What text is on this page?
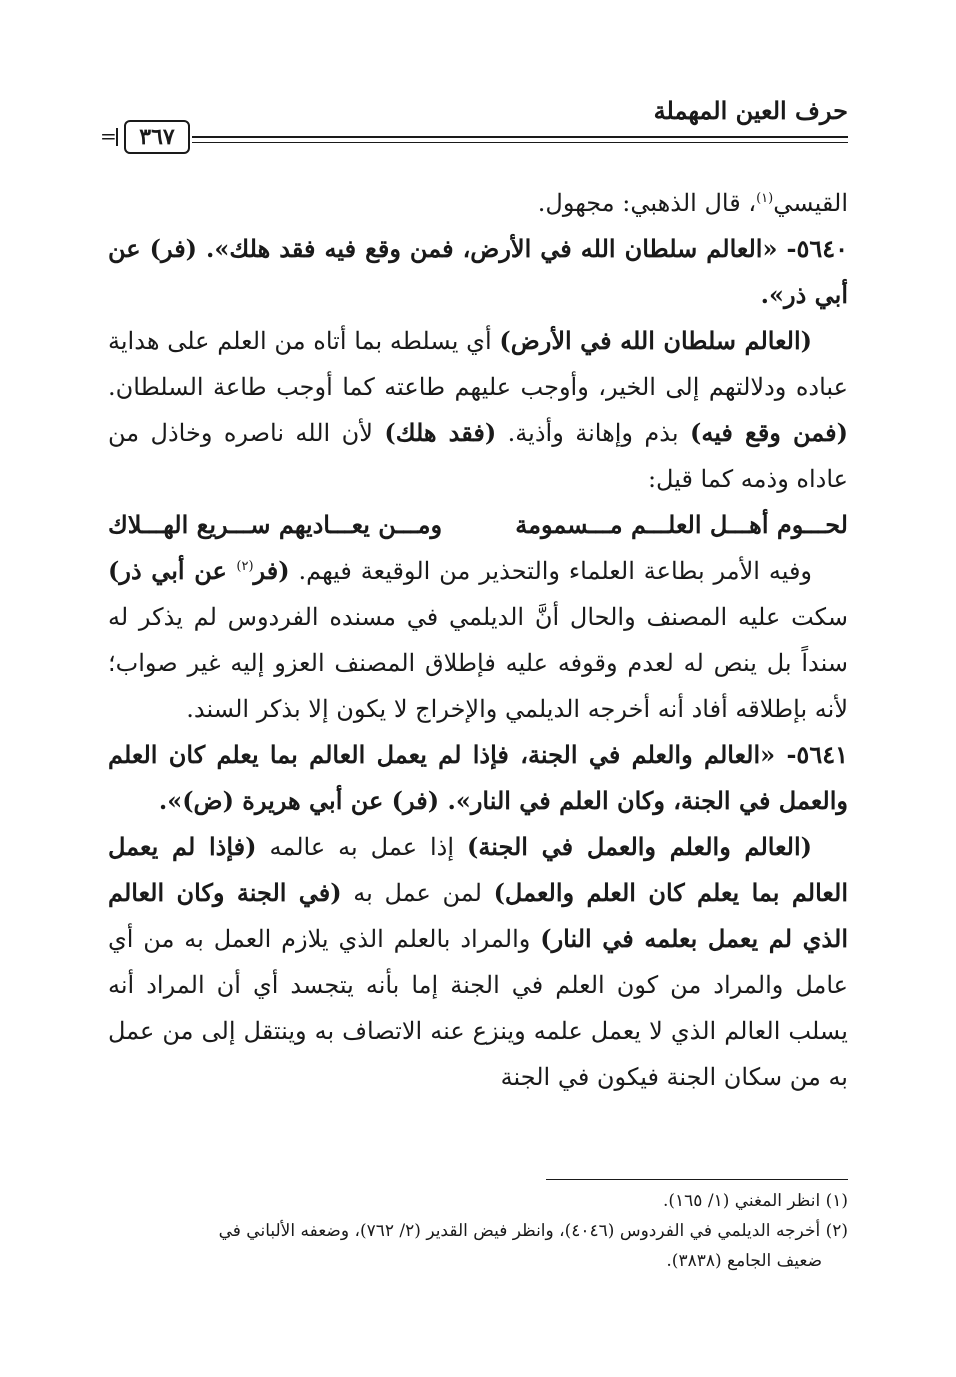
حرف العين المهملة
٣٦٧
=

القيسي$^{(١)}$، قال الذهبي: مجهول.

٥٦٤٠- «العالم سلطان الله في الأرض، فمن وقع فيه فقد هلك». (فر) عن أبي ذر».

(العالم سلطان الله في الأرض) أي يسلطه بما أتاه من العلم على هداية عباده ودلالتهم إلى الخير، وأوجب عليهم طاعته كما أوجب طاعة السلطان. (فمن وقع فيه) بذم وإهانة وأذية. (فقد هلك) لأن الله ناصره وخاذل من عاداه وذمه كما قيل:

لحـــوم أهـــل العلـــم مـــسمومة
ومـــن يعـــاديهم ســـريع الهـــلاك

وفيه الأمر بطاعة العلماء والتحذير من الوقيعة فيهم. (فر$^{(٢)}$ عن أبي ذر) سكت عليه المصنف والحال أنَّ الديلمي في مسنده الفردوس لم يذكر له سنداً بل ينص له لعدم وقوفه عليه فإطلاق المصنف العزو إليه غير صواب؛ لأنه بإطلاقه أفاد أنه أخرجه الديلمي والإخراج لا يكون إلا بذكر السند.

٥٦٤١- «العالم والعلم في الجنة، فإذا لم يعمل العالم بما يعلم كان العلم والعمل في الجنة، وكان العلم في النار». (فر) عن أبي هريرة (ض)».

(العالم والعلم والعمل في الجنة) إذا عمل به عالمه (فإذا لم يعمل العالم بما يعلم كان العلم والعمل) لمن عمل به (في الجنة وكان العالم الذي لم يعمل بعلمه في النار) والمراد بالعلم الذي يلازم العمل به من أي عامل والمراد من كون العلم في الجنة إما بأنه يتجسد أي أن المراد أنه يسلب العالم الذي لا يعمل علمه وينزع عنه الاتصاف به وينتقل إلى من عمل به من سكان الجنة فيكون في الجنة

(١) انظر المغني (١/ ١٦٥).

(٢) أخرجه الديلمي في الفردوس (٤٠٤٦)، وانظر فيض القدير (٢/ ٧٦٢)، وضعفه الألباني في

ضعيف الجامع (٣٨٣٨).
